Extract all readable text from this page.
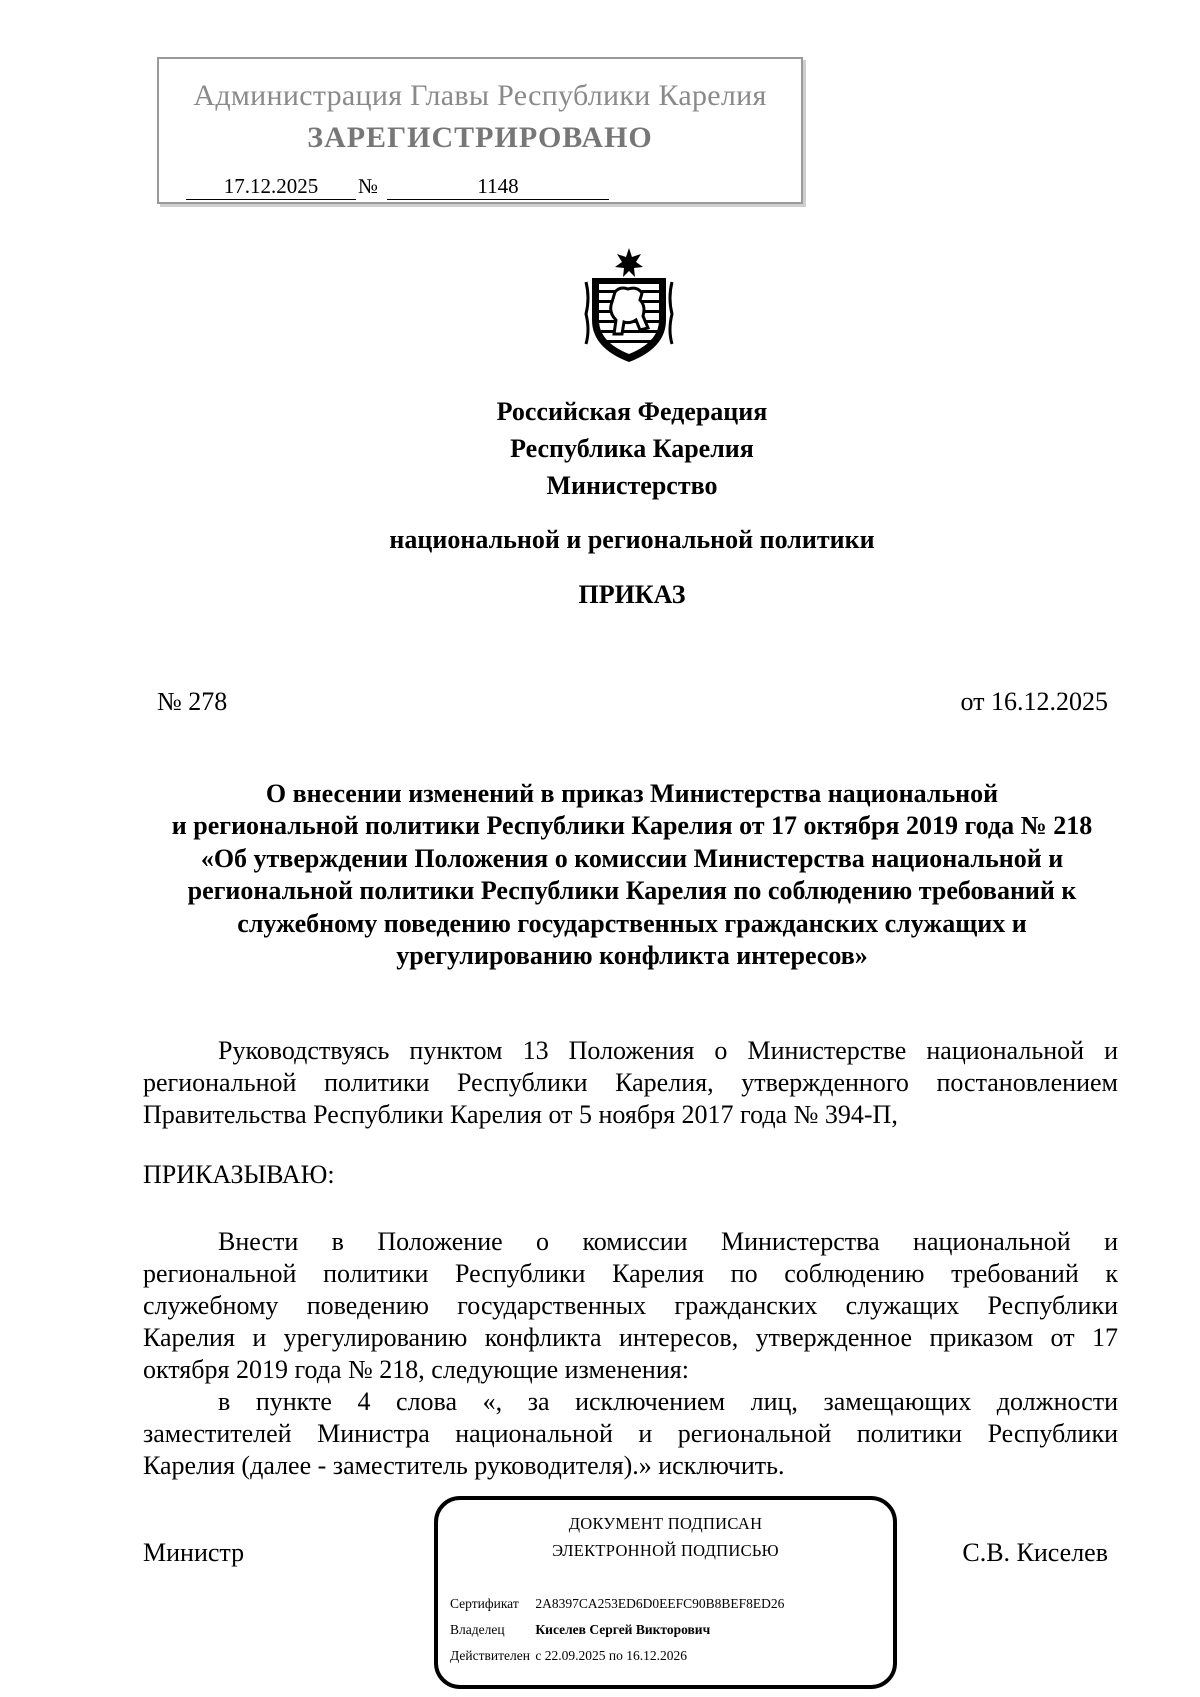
Администрация Главы Республики Карелия
ЗАРЕГИСТРИРОВАНО
17.12.2025	№	1148
Российская Федерация
Республика Карелия
Министерство
национальной и региональной политики
ПРИКАЗ
№ 278	от 16.12.2025
О внесении изменений в приказ Министерства национальной
и региональной политики Республики Карелия от 17 октября 2019 года № 218
«Об утверждении Положения о комиссии Министерства национальной и
региональной политики Республики Карелия по соблюдению требований к
служебному поведению государственных гражданских служащих и
урегулированию конфликта интересов»
Руководствуясь пунктом 13 Положения о Министерстве национальной и
региональной политики Республики Карелия, утвержденного постановлением
Правительства Республики Карелия от 5 ноября 2017 года № 394-П,
ПРИКАЗЫВАЮ:
Внести в Положение о комиссии Министерства национальной и
региональной политики Республики Карелия по соблюдению требований к
служебному поведению государственных гражданских служащих Республики
Карелия и урегулированию конфликта интересов, утвержденное приказом от 17
октября 2019 года № 218, следующие изменения:
в пункте 4 слова «, за исключением лиц, замещающих должности
заместителей Министра национальной и региональной политики Республики
Карелия (далее - заместитель руководителя).» исключить.
Министр	С.В. Киселев
ДОКУМЕНТ ПОДПИСАН
ЭЛЕКТРОННОЙ ПОДПИСЬЮ
Сертификат 2A8397CA253ED6D0EEFC90B8BEF8ED26
Владелец Киселев Сергей Викторович
Действителен с 22.09.2025 по 16.12.2026
